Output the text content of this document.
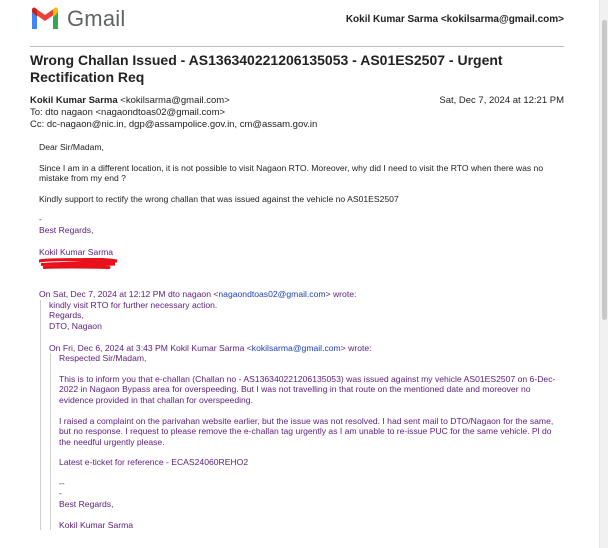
Gmail	Kokil Kumar Sarma <kokilsarma@gmail.com>
Wrong Challan Issued - AS136340221206135053 - AS01ES2507 - Urgent Rectification Req
Kokil Kumar Sarma <kokilsarma@gmail.com>	Sat, Dec 7, 2024 at 12:21 PM
To: dto nagaon <nagaondtoas02@gmail.com>
Cc: dc-nagaon@nic.in, dgp@assampolice.gov.in, cm@assam.gov.in

Dear Sir/Madam,

Since I am in a different location, it is not possible to visit Nagaon RTO. Moreover, why did I need to visit the RTO when there was no mistake from my end ?

Kindly support to rectify the wrong challan that was issued against the vehicle no AS01ES2507

-

Best Regards,

Kokil Kumar Sarma

On Sat, Dec 7, 2024 at 12:12 PM dto nagaon <nagaondtoas02@gmail.com> wrote:

kindly visit RTO for further necessary action.

Regards,

DTO, Nagaon

On Fri, Dec 6, 2024 at 3:43 PM Kokil Kumar Sarma <kokilsarma@gmail.com> wrote:

Respected Sir/Madam,

This is to inform you that e-challan (Challan no - AS136340221206135053) was issued against my vehicle AS01ES2507 on 6-Dec-2022 in Nagaon Bypass area for overspeeding. But I was not travelling in that route on the mentioned date and moreover no evidence provided in that challan for overspeeding.

I raised a complaint on the parivahan website earlier, but the issue was not resolved. I had sent mail to DTO/Nagaon for the same, but no response. I request to please remove the e-challan tag urgently as I am unable to re-issue PUC for the same vehicle. Pl do the needful urgently please.

Latest e-ticket for reference - ECAS24060REHO2

--

-

Best Regards,

Kokil Kumar Sarma
